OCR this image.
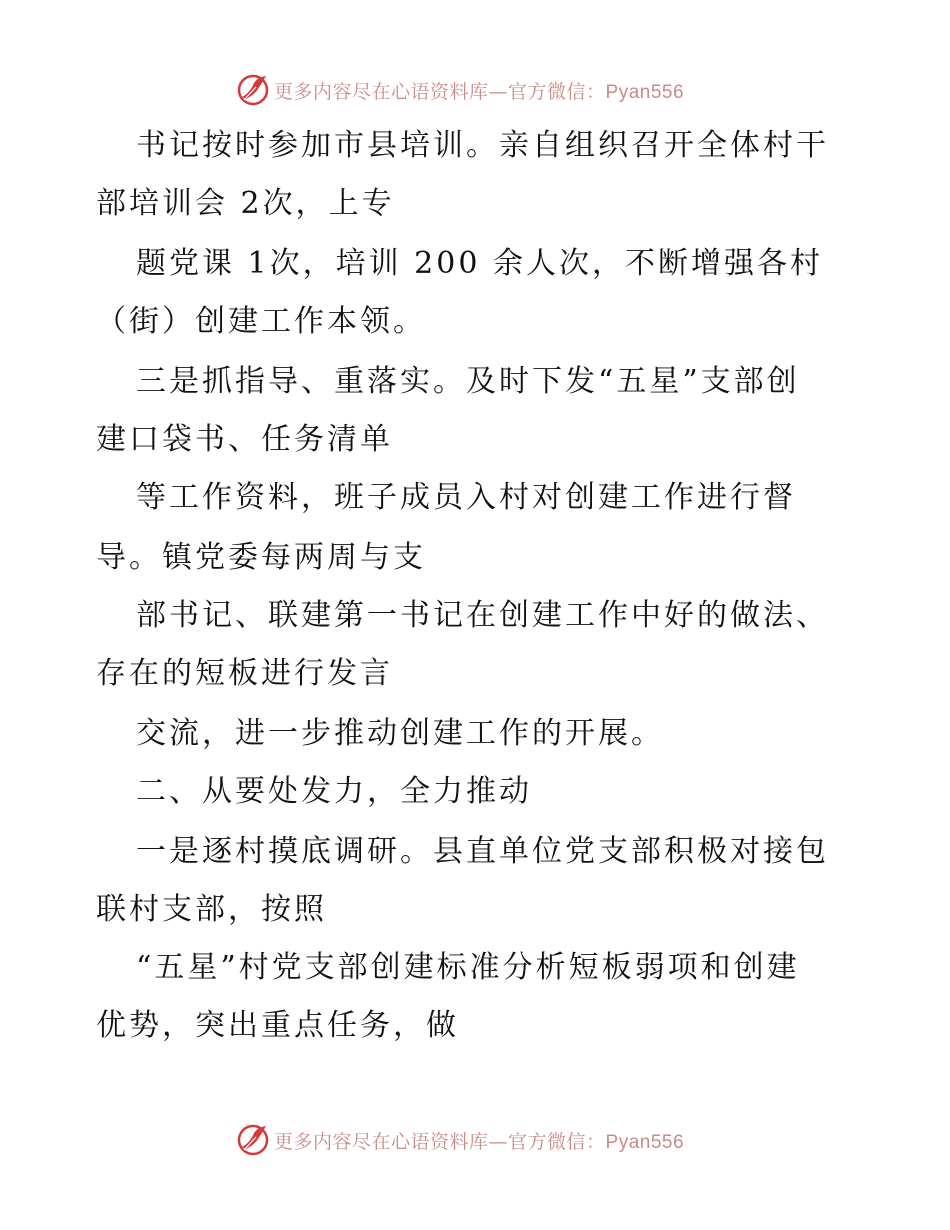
更多内容尽在心语资料库—官方微信：Pyan556
书记按时参加市县培训。亲自组织召开全体村干
部培训会 2次，上专
题党课 1次，培训 200 余人次，不断增强各村
（街）创建工作本领。
三是抓指导、重落实。及时下发“五星”支部创
建口袋书、任务清单
等工作资料，班子成员入村对创建工作进行督
导。镇党委每两周与支
部书记、联建第一书记在创建工作中好的做法、
存在的短板进行发言
交流，进一步推动创建工作的开展。
二、从要处发力，全力推动
一是逐村摸底调研。县直单位党支部积极对接包
联村支部，按照
“五星”村党支部创建标准分析短板弱项和创建
优势，突出重点任务，做
更多内容尽在心语资料库—官方微信：Pyan556
